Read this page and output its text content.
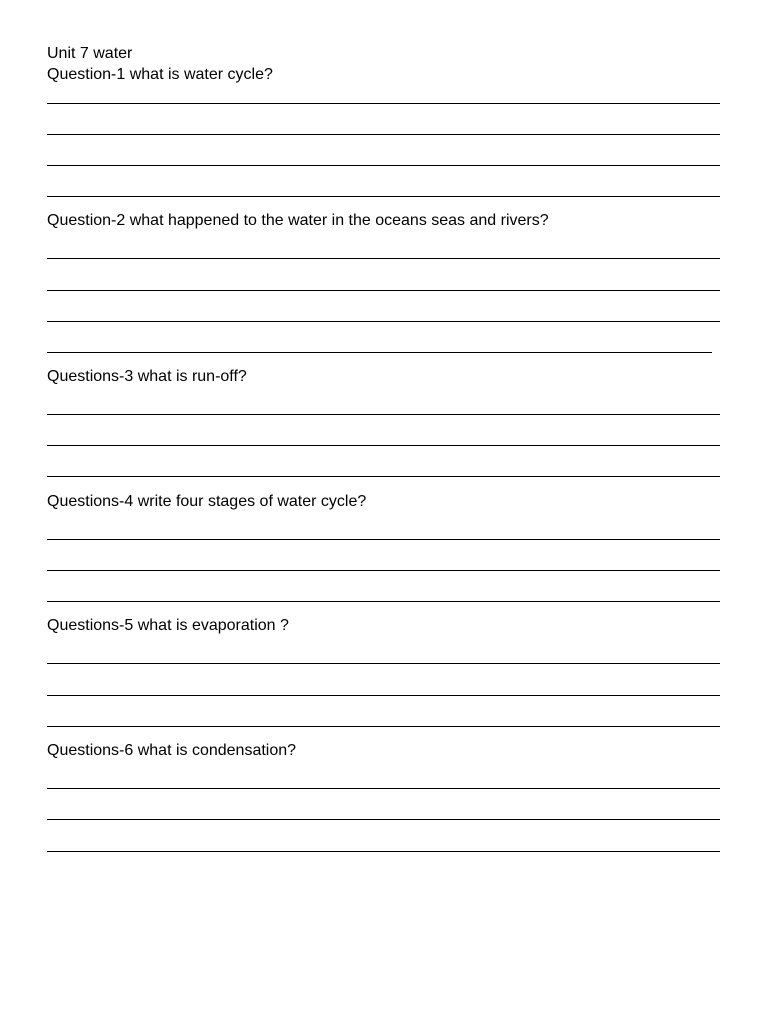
Unit 7 water
Question-1 what is water cycle?
Question-2 what happened to the water in the oceans seas and rivers?
Questions-3 what is run-off?
Questions-4 write four stages of water cycle?
Questions-5 what is evaporation ?
Questions-6 what is condensation?
